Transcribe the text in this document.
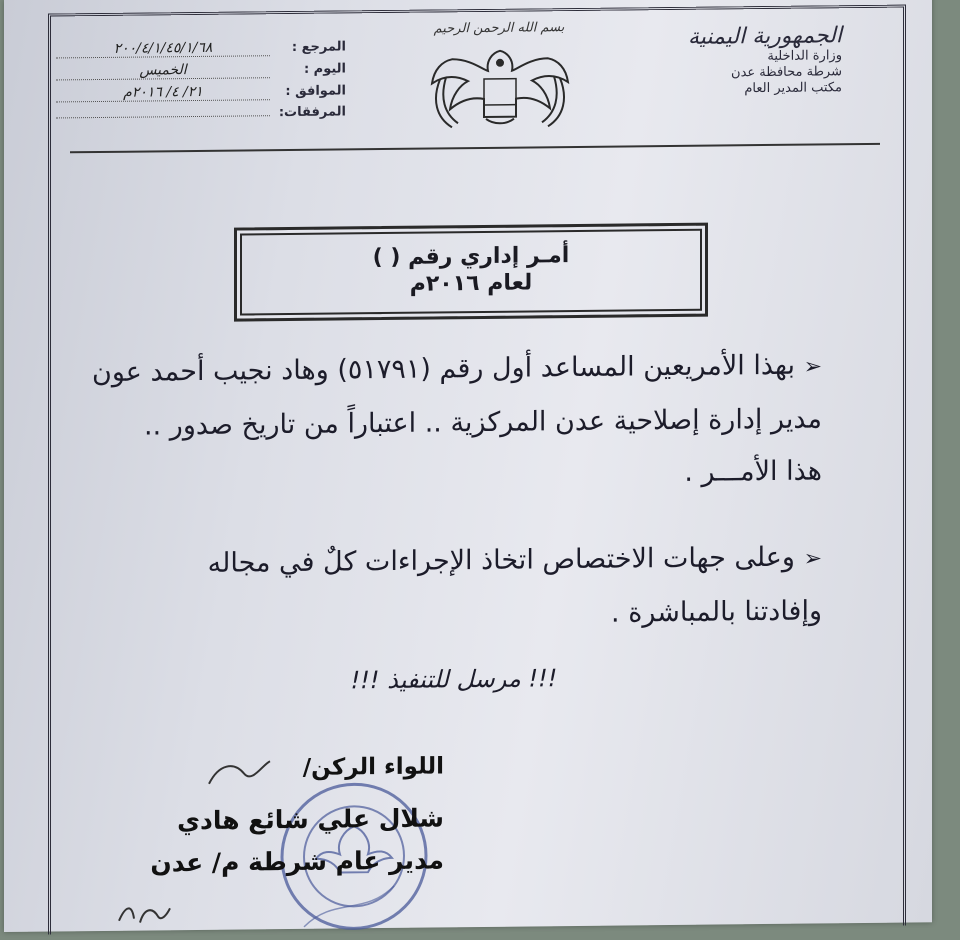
الجمهورية اليمنية
وزارة الداخلية
شرطة محافظة عدن
مكتب المدير العام
بسم الله الرحمن الرحيم
المرجع :
٢٠٠/٤/١/٤٥/١/٦٨
اليوم :
الخميس
الموافق :
٢١/ ٤/ ٢٠١٦م
المرفقات:
أمـر إداري رقم ( )
لعام ٢٠١٦م
➢ بهذا الأمريعين المساعد أول رقم (٥١٧٩١) وهاد نجيب أحمد عون
مدير إدارة إصلاحية عدن المركزية .. اعتباراً من تاريخ صدور ..
هذا الأمـــر .
➢ وعلى جهات الاختصاص اتخاذ الإجراءات كلٌ في مجاله
وإفادتنا بالمباشرة .
!!! مرسل للتنفيذ !!!
اللواء الركن/
شلال علي شائع هادي
مدير عام شرطة م/ عدن
